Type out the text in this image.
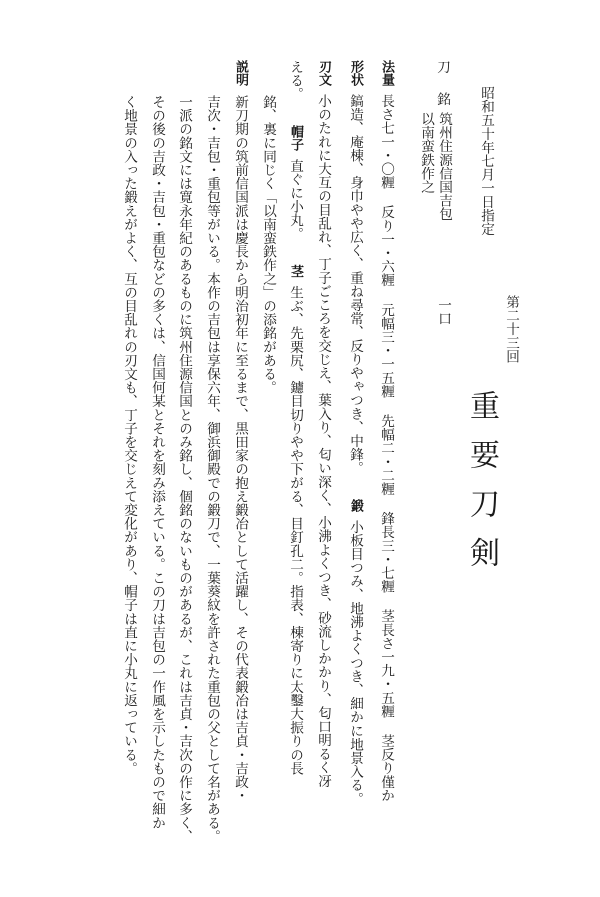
第二十三回
重要刀剣
一口
昭和五十年七月一日指定
刀
銘
筑州住源信国吉包
以南蛮鉄作之
法量長さ七一・〇糎反り一・六糎元幅三・一五糎先幅二・二糎鋒長三・七糎茎長さ一九・五糎茎反り僅か
形状鎬造、庵棟、身巾やや広く、重ね尋常、反りやゃつき、中鋒。鍛小板目つみ、地沸よくつき、細かに地景入る。
刃文小のたれに大互の目乱れ、丁子ごころを交じえ、葉入り、匂い深く、小沸よくつき、砂流しかかり、匂口明るく冴
える。帽子直ぐに小丸。茎生ぶ、先栗尻、鑢目切りやや下がる、目釘孔二。指表、棟寄りに太鑿大振りの長
銘、裏に同じく「以南蛮鉄作之」の添銘がある。
説明
新刀期の筑前信国派は慶長から明治初年に至るまで、黒田家の抱え鍛冶として活躍し、その代表鍛冶は吉貞・吉政・
吉次・吉包・重包等がいる。本作の吉包は享保六年、御浜御殿での鍛刀で、一葉葵紋を許された重包の父として名がある。
一派の銘文には寛永年紀のあるものに筑州住源信国とのみ銘し、個銘のないものがあるが、これは吉貞・吉次の作に多く、
その後の吉政・吉包・重包などの多くは、信国何某とそれを刻み添えている。この刀は吉包の一作風を示したもので細か
く地景の入った鍛えがよく、互の目乱れの刃文も、丁子を交じえて変化があり、帽子は直に小丸に返っている。
